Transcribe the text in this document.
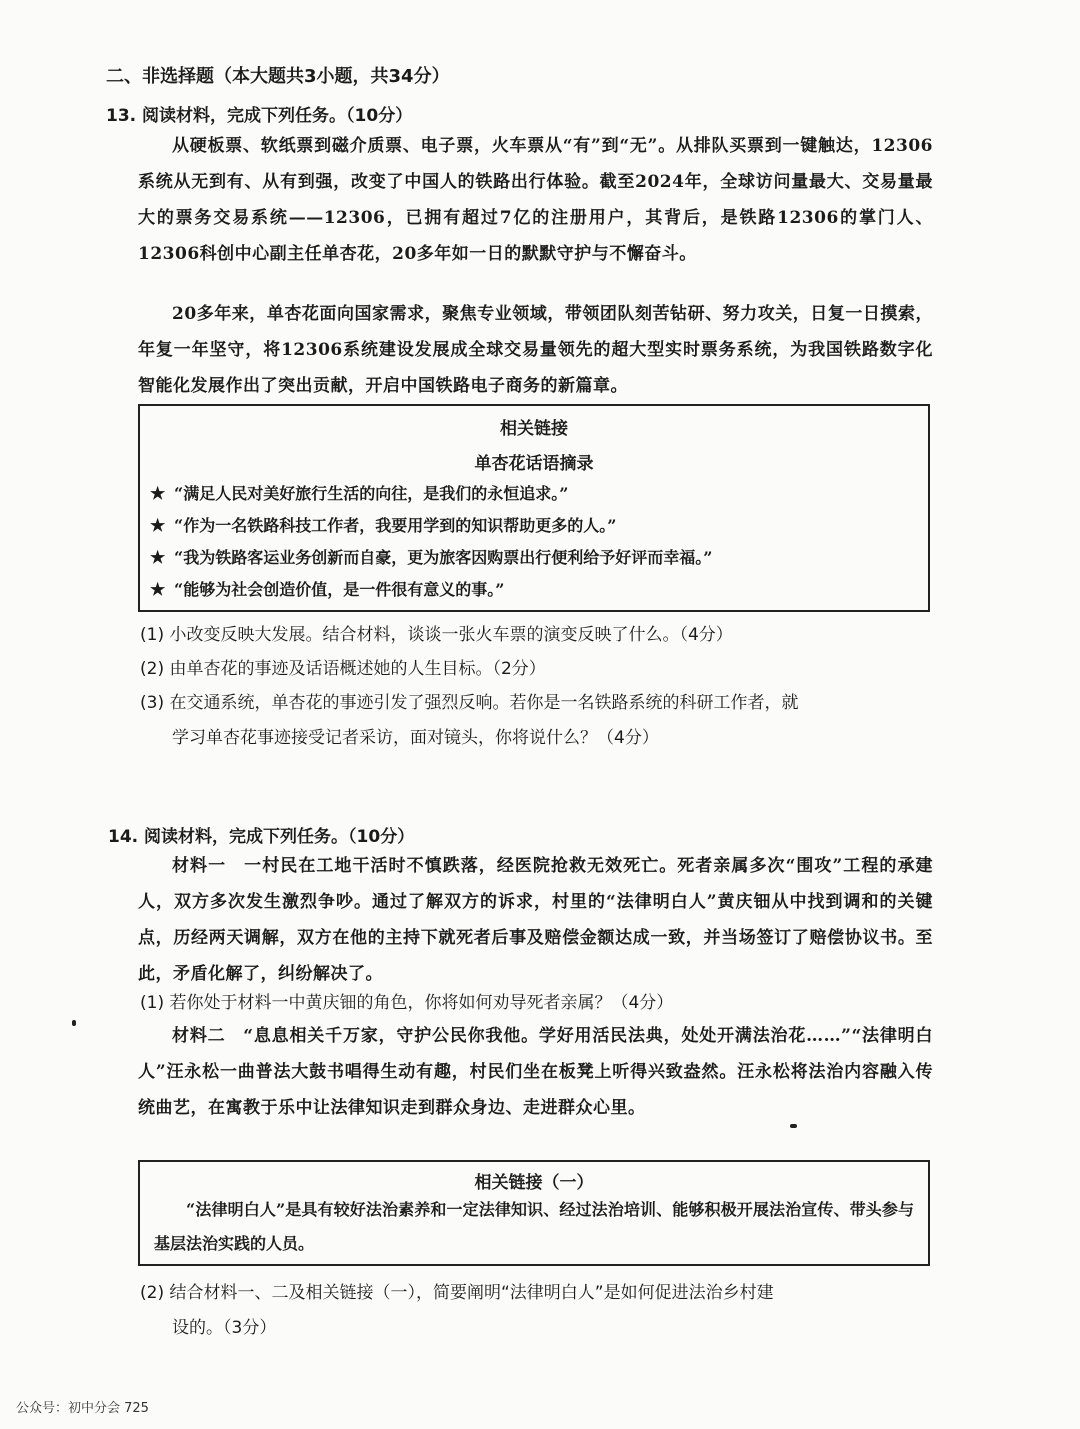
二、非选择题（本大题共3小题，共34分）
13. 阅读材料，完成下列任务。（10分）

从硬板票、软纸票到磁介质票、电子票，火车票从“有”到“无”。从排队买票到一键触达，12306系统从无到有、从有到强，改变了中国人的铁路出行体验。截至2024年，全球访问量最大、交易量最大的票务交易系统——12306，已拥有超过7亿的注册用户，其背后，是铁路12306的掌门人、12306科创中心副主任单杏花，20多年如一日的默默守护与不懈奋斗。

20多年来，单杏花面向国家需求，聚焦专业领域，带领团队刻苦钻研、努力攻关，日复一日摸索，年复一年坚守，将12306系统建设发展成全球交易量领先的超大型实时票务系统，为我国铁路数字化智能化发展作出了突出贡献，开启中国铁路电子商务的新篇章。

相关链接
单杏花话语摘录
★ “满足人民对美好旅行生活的向往，是我们的永恒追求。”
★ “作为一名铁路科技工作者，我要用学到的知识帮助更多的人。”
★ “我为铁路客运业务创新而自豪，更为旅客因购票出行便利给予好评而幸福。”
★ “能够为社会创造价值，是一件很有意义的事。”

(1) 小改变反映大发展。结合材料，谈谈一张火车票的演变反映了什么。（4分）

(2) 由单杏花的事迹及话语概述她的人生目标。（2分）

(3) 在交通系统，单杏花的事迹引发了强烈反响。若你是一名铁路系统的科研工作者，就
学习单杏花事迹接受记者采访，面对镜头，你将说什么？（4分）

14. 阅读材料，完成下列任务。（10分）

材料一　一村民在工地干活时不慎跌落，经医院抢救无效死亡。死者亲属多次“围攻”工程的承建人，双方多次发生激烈争吵。通过了解双方的诉求，村里的“法律明白人”黄庆钿从中找到调和的关键点，历经两天调解，双方在他的主持下就死者后事及赔偿金额达成一致，并当场签订了赔偿协议书。至此，矛盾化解了，纠纷解决了。

(1) 若你处于材料一中黄庆钿的角色，你将如何劝导死者亲属？（4分）

材料二　“息息相关千万家，守护公民你我他。学好用活民法典，处处开满法治花……”“法律明白人”汪永松一曲普法大鼓书唱得生动有趣，村民们坐在板凳上听得兴致盎然。汪永松将法治内容融入传统曲艺，在寓教于乐中让法律知识走到群众身边、走进群众心里。

相关链接（一）

“法律明白人”是具有较好法治素养和一定法律知识、经过法治培训、能够积极开展法治宣传、带头参与基层法治实践的人员。

(2) 结合材料一、二及相关链接（一），简要阐明“法律明白人”是如何促进法治乡村建
设的。（3分）

公众号：初中分会 725
